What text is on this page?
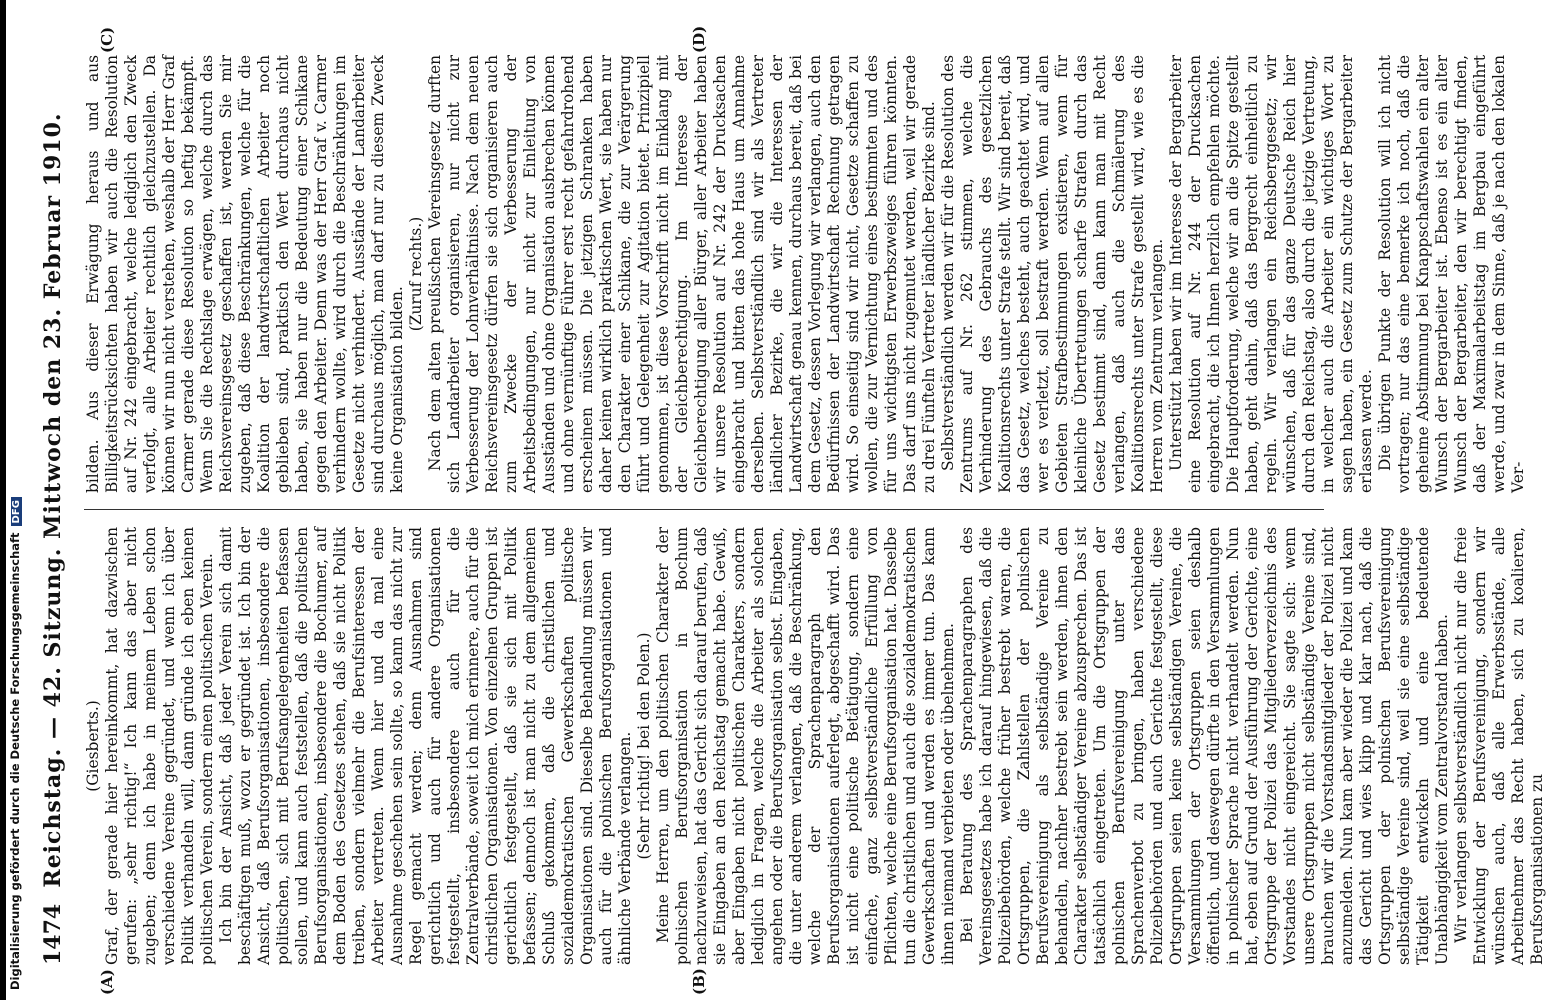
1474
Reichstag. — 42. Sitzung. Mittwoch den 23. Februar 1910.
(A)	(B)
(C)	(D)

(Giesberts.) Graf, der gerade hier hereinkommt, hat dazwischen gerufen: „sehr richtig!“ Ich kann das aber nicht zugeben; denn ich habe in meinem Leben schon verschiedene Vereine gegründet, und wenn ich über Politik verhandeln will, dann gründe ich eben keinen politischen Verein, sondern einen politischen Verein. Ich bin der Ansicht, daß jeder Verein sich damit beschäftigen muß, wozu er gegründet ist. Ich bin der Ansicht, daß Berufsorganisationen, insbesondere die politischen, sich mit Berufsangelegenheiten befassen sollen, und kann auch feststellen, daß die politischen Berufsorganisationen, insbesondere die Bochumer, auf dem Boden des Gesetzes stehen, daß sie nicht Politik treiben, sondern vielmehr die Berufsinteressen der Arbeiter vertreten. Wenn hier und da mal eine Ausnahme geschehen sein sollte, so kann das nicht zur Regel gemacht werden; denn Ausnahmen sind gerichtlich und auch für andere Organisationen festgestellt, insbesondere auch für die Zentralverbände, soweit ich mich erinnere, auch für die christlichen Organisationen. Von einzelnen Gruppen ist gerichtlich festgestellt, daß sie sich mit Politik befassen; dennoch ist man nicht zu dem allgemeinen Schluß gekommen, daß die christlichen und sozialdemokratischen Gewerkschaften politische Organisationen sind. Dieselbe Behandlung müssen wir auch für die polnischen Berufsorganisationen und ähnliche Verbände verlangen. (Sehr richtig! bei den Polen.) Meine Herren, um den politischen Charakter der polnischen Berufsorganisation in Bochum nachzuweisen, hat das Gericht sich darauf berufen, daß sie Eingaben an den Reichstag gemacht habe. Gewiß, aber Eingaben nicht politischen Charakters, sondern lediglich in Fragen, welche die Arbeiter als solchen angehen oder die Berufsorganisation selbst. Eingaben, die unter anderem verlangen, daß die Beschränkung, welche der Sprachenparagraph den Berufsorganisationen auferlegt, abgeschafft wird. Das ist nicht eine politische Betätigung, sondern eine einfache, ganz selbstverständliche Erfüllung von Pflichten, welche eine Berufsorganisation hat. Dasselbe tun die christlichen und auch die sozialdemokratischen Gewerkschaften und werden es immer tun. Das kann ihnen niemand verbieten oder übelnehmen. Bei Beratung des Sprachenparagraphen des Vereinsgesetzes habe ich darauf hingewiesen, daß die Polizeibehörden, welche früher bestrebt waren, die Ortsgruppen, die Zahlstellen der polnischen Berufsvereinigung als selbständige Vereine zu behandeln, nachher bestrebt sein werden, ihnen den Charakter selbständiger Vereine abzusprechen. Das ist tatsächlich eingetreten. Um die Ortsgruppen der polnischen Berufsvereinigung unter das Sprachenverbot zu bringen, haben verschiedene Polizeibehörden und auch Gerichte festgestellt, diese Ortsgruppen seien keine selbständigen Vereine, die Versammlungen der Ortsgruppen seien deshalb öffentlich, und deswegen dürfte in den Versammlungen in polnischer Sprache nicht verhandelt werden. Nun hat, eben auf Grund der Ausführung der Gerichte, eine Ortsgruppe der Polizei das Mitgliederverzeichnis des Vorstandes nicht eingereicht. Sie sagte sich: wenn unsere Ortsgruppen nicht selbständige Vereine sind, brauchen wir die Vorstandsmitglieder der Polizei nicht anzumelden. Nun kam aber wieder die Polizei und kam das Gericht und wies klipp und klar nach, daß die Ortsgruppen der polnischen Berufsvereinigung selbständige Vereine sind, weil sie eine selbständige Tätigkeit entwickeln und eine bedeutende Unabhängigkeit vom Zentralvorstand haben. Wir verlangen selbstverständlich nicht nur die freie Entwicklung der Berufsvereinigung, sondern wir wünschen auch, daß alle Erwerbsstände, alle Arbeitnehmer das Recht haben, sich zu koalieren, Berufsorganisationen zu

bilden. Aus dieser Erwägung heraus und aus Billigkeitsrücksichten haben wir auch die Resolution auf Nr. 242 eingebracht, welche lediglich den Zweck verfolgt, alle Arbeiter rechtlich gleichzustellen. Da können wir nun nicht verstehen, weshalb der Herr Graf Carmer gerade diese Resolution so heftig bekämpft. Wenn Sie die Rechtslage erwägen, welche durch das Reichsvereinsgesetz geschaffen ist, werden Sie mir zugeben, daß diese Beschränkungen, welche für die Koalition der landwirtschaftlichen Arbeiter noch geblieben sind, praktisch den Wert durchaus nicht haben, sie haben nur die Bedeutung einer Schikane gegen den Arbeiter. Denn was der Herr Graf v. Carmer verhindern wollte, wird durch die Beschränkungen im Gesetze nicht verhindert. Ausstände der Landarbeiter sind durchaus möglich, man darf nur zu diesem Zweck keine Organisation bilden.

(Zuruf rechts.) Nach dem alten preußischen Vereinsgesetz durften sich Landarbeiter organisieren, nur nicht zur Verbesserung der Lohnverhältnisse. Nach dem neuen Reichsvereinsgesetz dürfen sie sich organisieren auch zum Zwecke der Verbesserung der Arbeitsbedingungen, nur nicht zur Einleitung von Ausständen und ohne Organisation ausbrechen können und ohne vernünftige Führer erst recht gefahrdrohend erscheinen müssen. Die jetzigen Schranken haben daher keinen wirklich praktischen Wert, sie haben nur den Charakter einer Schikane, die zur Verärgerung führt und Gelegenheit zur Agitation bietet. Prinzipiell genommen, ist diese Vorschrift nicht im Einklang mit der Gleichberechtigung. Im Interesse der Gleichberechtigung aller Bürger, aller Arbeiter haben wir unsere Resolution auf Nr. 242 der Drucksachen eingebracht und bitten das hohe Haus um Annahme derselben. Selbstverständlich sind wir als Vertreter ländlicher Bezirke, die wir die Interessen der Landwirtschaft genau kennen, durchaus bereit, daß bei dem Gesetz, dessen Vorlegung wir verlangen, auch den Bedürfnissen der Landwirtschaft Rechnung getragen wird. So einseitig sind wir nicht, Gesetze schaffen zu wollen, die zur Vernichtung eines bestimmten und des für uns wichtigsten Erwerbszweiges führen könnten. Das darf uns nicht zugemutet werden, weil wir gerade zu drei Fünfteln Vertreter ländlicher Bezirke sind. Selbstverständlich werden wir für die Resolution des Zentrums auf Nr. 262 stimmen, welche die Verhinderung des Gebrauchs des gesetzlichen Koalitionsrechts unter Strafe stellt. Wir sind bereit, daß das Gesetz, welches besteht, auch geachtet wird, und wer es verletzt, soll bestraft werden. Wenn auf allen Gebieten Strafbestimmungen existieren, wenn für kleinliche Übertretungen scharfe Strafen durch das Gesetz bestimmt sind, dann kann man mit Recht verlangen, daß auch die Schmälerung des Koalitionsrechts unter Strafe gestellt wird, wie es die Herren vom Zentrum verlangen. Unterstützt haben wir im Interesse der Bergarbeiter eine Resolution auf Nr. 244 der Drucksachen eingebracht, die ich Ihnen herzlich empfehlen möchte. Die Hauptforderung, welche wir an die Spitze gestellt haben, geht dahin, daß das Bergrecht einheitlich zu regeln. Wir verlangen ein Reichsberggesetz; wir wünschen, daß für das ganze Deutsche Reich hier durch den Reichstag, also durch die jetzige Vertretung, in welcher auch die Arbeiter ein wichtiges Wort zu sagen haben, ein Gesetz zum Schutze der Bergarbeiter erlassen werde. Die übrigen Punkte der Resolution will ich nicht vortragen; nur das eine bemerke ich noch, daß die geheime Abstimmung bei Knappschaftswahlen ein alter Wunsch der Bergarbeiter ist. Ebenso ist es ein alter Wunsch der Bergarbeiter, den wir berechtigt finden, daß der Maximalarbeitstag im Bergbau eingeführt werde, und zwar in dem Sinne, daß je nach den lokalen Ver-

Digitalisierung gefördert durch die Deutsche ForschungsgemeinschaftDFG
